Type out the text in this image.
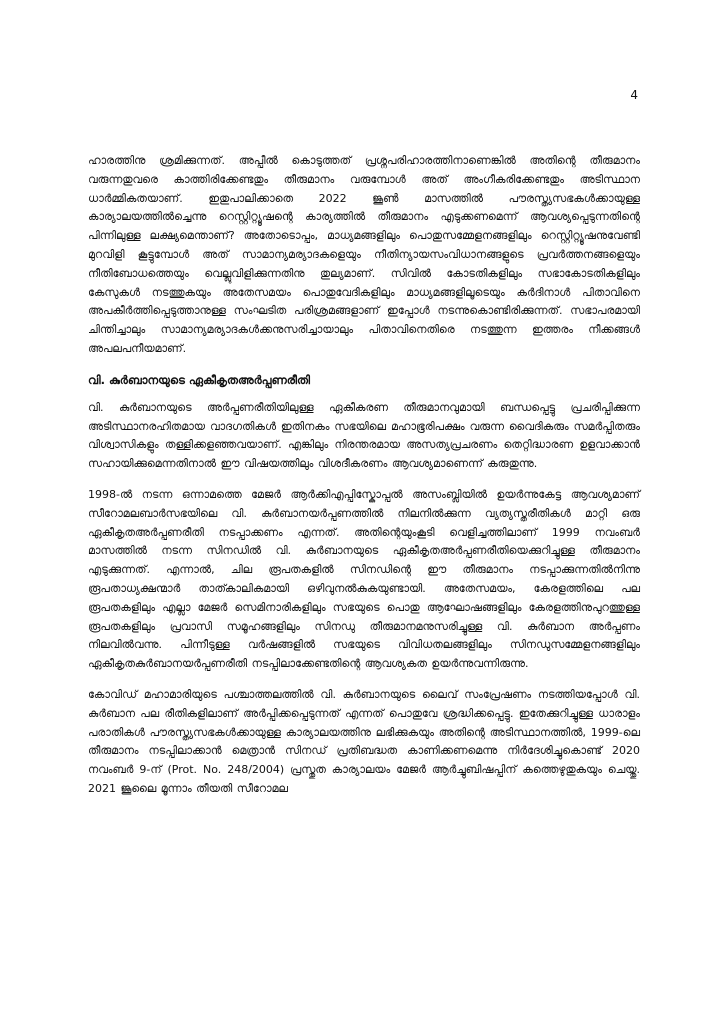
4

ഹാരത്തിനു ശ്രമിക്കുന്നത്. അപ്പീൽ കൊടുത്തത് പ്രശ്നപരിഹാരത്തിനാണെങ്കിൽ അതിന്റെ തീരുമാനം വരുന്നതുവരെ കാത്തിരിക്കേണ്ടതും തീരുമാനം വരുമ്പോൾ അത് അംഗീകരിക്കേണ്ടതും അടിസ്ഥാന ധാർമ്മികതയാണ്. ഇതുപാലിക്കാതെ 2022 ജൂൺ മാസത്തിൽ പൗരസ്ത്യസഭകൾക്കായുള്ള കാര്യാലയത്തിൽച്ചെന്നു റെസ്റ്റിറ്റ്യൂഷന്റെ കാര്യത്തിൽ തീരുമാനം എടുക്കണമെന്ന് ആവശ്യപ്പെടുന്നതിന്റെ പിന്നിലുള്ള ലക്ഷ്യമെന്താണ്? അതോടൊപ്പം, മാധ്യമങ്ങളിലും പൊതുസമ്മേളനങ്ങളിലും റെസ്റ്റിറ്റ്യൂഷനുവേണ്ടി മുറവിളി കൂട്ടുമ്പോൾ അത് സാമാന്യമര്യാദകളെയും നീതിന്യായസംവിധാനങ്ങളുടെ പ്രവർത്തനങ്ങളെയും നീതിബോധത്തെയും വെല്ലുവിളിക്കുന്നതിനു തുല്യമാണ്. സിവിൽ കോടതികളിലും സഭാകോടതികളിലും കേസുകൾ നടത്തുകയും അതേസമയം പൊതുവേദികളിലും മാധ്യമങ്ങളിലൂടെയും കർദിനാൾ പിതാവിനെ അപകീർത്തിപ്പെടുത്താനുള്ള സംഘടിത പരിശ്രമങ്ങളാണ് ഇപ്പോൾ നടന്നുകൊണ്ടിരിക്കുന്നത്. സഭാപരമായി ചിന്തിച്ചാലും സാമാന്യമര്യാദകൾക്കനുസരിച്ചായാലും പിതാവിനെതിരെ നടത്തുന്ന ഇത്തരം നീക്കങ്ങൾ അപലപനീയമാണ്.

വി. കുർബാനയുടെ ഏകീകൃതഅർപ്പണരീതി

വി. കുർബാനയുടെ അർപ്പണരീതിയിലുള്ള ഏകീകരണ തീരുമാനവുമായി ബന്ധപ്പെട്ടു പ്രചരിപ്പിക്കുന്ന അടിസ്ഥാനരഹിതമായ വാദഗതികൾ ഇതിനകം സഭയിലെ മഹാഭൂരിപക്ഷം വരുന്ന വൈദികരും സമർപ്പിതരും വിശ്വാസികളും തള്ളിക്കളഞ്ഞവയാണ്. എങ്കിലും നിരന്തരമായ അസത്യപ്രചരണം തെറ്റിദ്ധാരണ ഉളവാക്കാൻ സഹായിക്കുമെന്നതിനാൽ ഈ വിഷയത്തിലും വിശദീകരണം ആവശ്യമാണെന്ന് കരുതുന്നു.

1998-ൽ നടന്ന ഒന്നാമത്തെ മേജർ ആർക്കിഎപ്പിസ്കോപ്പൽ അസംബ്ലിയിൽ ഉയർന്നുകേട്ട ആവശ്യമാണ് സീറോമലബാർസഭയിലെ വി. കുർബാനയർപ്പണത്തിൽ നിലനിൽക്കുന്ന വ്യത്യസ്തരീതികൾ മാറ്റി ഒരു ഏകീകൃതഅർപ്പണരീതി നടപ്പാക്കണം എന്നത്. അതിന്റെയുംകൂടി വെളിച്ചത്തിലാണ് 1999 നവംബർ മാസത്തിൽ നടന്ന സിനഡിൽ വി. കുർബാനയുടെ ഏകീകൃതഅർപ്പണരീതിയെക്കുറിച്ചുള്ള തീരുമാനം എടുക്കുന്നത്. എന്നാൽ, ചില രൂപതകളിൽ സിനഡിന്റെ ഈ തീരുമാനം നടപ്പാക്കുന്നതിൽനിന്നു രൂപതാധ്യക്ഷന്മാർ താത്കാലികമായി ഒഴിവുനൽകുകയുണ്ടായി. അതേസമയം, കേരളത്തിലെ പല രൂപതകളിലും എല്ലാ മേജർ സെമിനാരികളിലും സഭയുടെ പൊതു ആഘോഷങ്ങളിലും കേരളത്തിനുപുറത്തുള്ള രൂപതകളിലും പ്രവാസി സമൂഹങ്ങളിലും സിനഡു തീരുമാനമനുസരിച്ചുള്ള വി. കുർബാന അർപ്പണം നിലവിൽവന്നു. പിന്നീടുള്ള വർഷങ്ങളിൽ സഭയുടെ വിവിധതലങ്ങളിലും സിനഡുസമ്മേളനങ്ങളിലും ഏകീകൃതകുർബാനയർപ്പണരീതി നടപ്പിലാക്കേണ്ടതിന്റെ ആവശ്യകത ഉയർന്നുവന്നിരുന്നു.

കോവിഡ് മഹാമാരിയുടെ പശ്ചാത്തലത്തിൽ വി. കുർബാനയുടെ ലൈവ് സംപ്രേഷണം നടത്തിയപ്പോൾ വി. കുർബാന പല രീതികളിലാണ് അർപ്പിക്കപ്പെടുന്നത് എന്നത് പൊതുവേ ശ്രദ്ധിക്കപ്പെട്ടു. ഇതേക്കുറിച്ചുള്ള ധാരാളം പരാതികൾ പൗരസ്ത്യസഭകൾക്കായുള്ള കാര്യാലയത്തിനു ലഭിക്കുകയും അതിന്റെ അടിസ്ഥാനത്തിൽ, 1999-ലെ തീരുമാനം നടപ്പിലാക്കാൻ മെത്രാൻ സിനഡ് പ്രതിബദ്ധത കാണിക്കണമെന്നു നിർദേശിച്ചുകൊണ്ട് 2020 നവംബർ 9-ന് (Prot. No. 248/2004) പ്രസ്തുത കാര്യാലയം മേജർ ആർച്ചുബിഷപ്പിന് കത്തെഴുതുകയും ചെയ്തു. 2021 ജൂലൈ മൂന്നാം തീയതി സീറോമല
